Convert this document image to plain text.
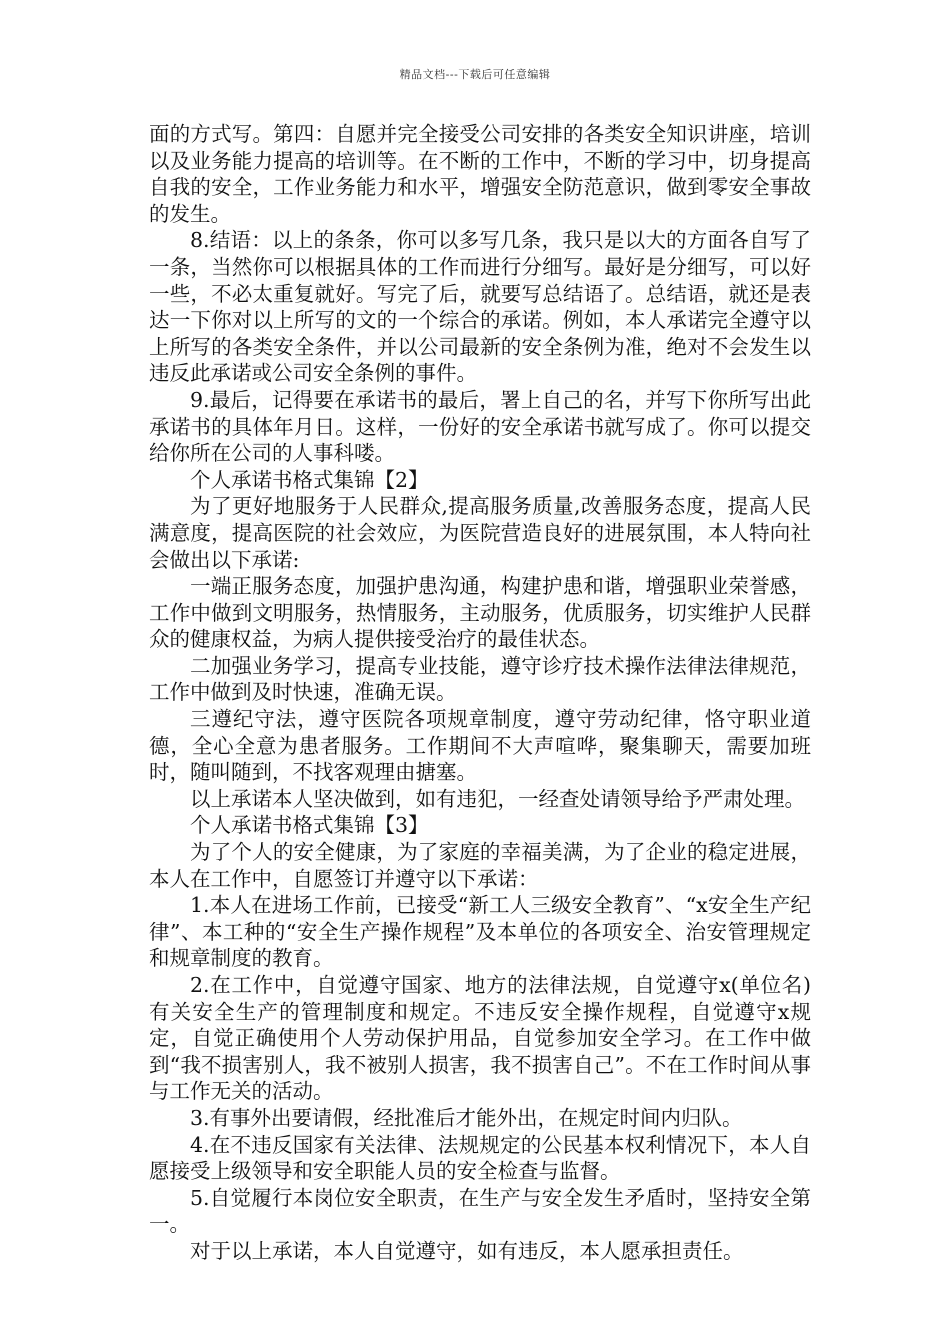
精品文档---下载后可任意编辑

面的方式写。第四：自愿并完全接受公司安排的各类安全知识讲座，培训以及业务能力提高的培训等。在不断的工作中，不断的学习中，切身提高自我的安全，工作业务能力和水平，增强安全防范意识，做到零安全事故的发生。

8.结语：以上的条条，你可以多写几条，我只是以大的方面各自写了一条，当然你可以根据具体的工作而进行分细写。最好是分细写，可以好一些，不必太重复就好。写完了后，就要写总结语了。总结语，就还是表达一下你对以上所写的文的一个综合的承诺。例如，本人承诺完全遵守以上所写的各类安全条件，并以公司最新的安全条例为准，绝对不会发生以违反此承诺或公司安全条例的事件。

9.最后，记得要在承诺书的最后，署上自己的名，并写下你所写出此承诺书的具体年月日。这样，一份好的安全承诺书就写成了。你可以提交给你所在公司的人事科喽。

个人承诺书格式集锦【2】

为了更好地服务于人民群众,提高服务质量,改善服务态度，提高人民满意度，提高医院的社会效应，为医院营造良好的进展氛围，本人特向社会做出以下承诺:

一端正服务态度，加强护患沟通，构建护患和谐，增强职业荣誉感，工作中做到文明服务，热情服务，主动服务，优质服务，切实维护人民群众的健康权益，为病人提供接受治疗的最佳状态。

二加强业务学习，提高专业技能，遵守诊疗技术操作法律法律规范，工作中做到及时快速，准确无误。

三遵纪守法，遵守医院各项规章制度，遵守劳动纪律，恪守职业道德，全心全意为患者服务。工作期间不大声喧哗，聚集聊天，需要加班时，随叫随到，不找客观理由搪塞。

以上承诺本人坚决做到，如有违犯，一经查处请领导给予严肃处理。

个人承诺书格式集锦【3】

为了个人的安全健康，为了家庭的幸福美满，为了企业的稳定进展，本人在工作中，自愿签订并遵守以下承诺：

1.本人在进场工作前，已接受“新工人三级安全教育”、“x安全生产纪律”、本工种的“安全生产操作规程”及本单位的各项安全、治安管理规定和规章制度的教育。

2.在工作中，自觉遵守国家、地方的法律法规，自觉遵守x(单位名)有关安全生产的管理制度和规定。不违反安全操作规程，自觉遵守x规定，自觉正确使用个人劳动保护用品，自觉参加安全学习。在工作中做到“我不损害别人，我不被别人损害，我不损害自己”。不在工作时间从事与工作无关的活动。

3.有事外出要请假，经批准后才能外出，在规定时间内归队。

4.在不违反国家有关法律、法规规定的公民基本权利情况下，本人自愿接受上级领导和安全职能人员的安全检查与监督。

5.自觉履行本岗位安全职责，在生产与安全发生矛盾时，坚持安全第一。

对于以上承诺，本人自觉遵守，如有违反，本人愿承担责任。
